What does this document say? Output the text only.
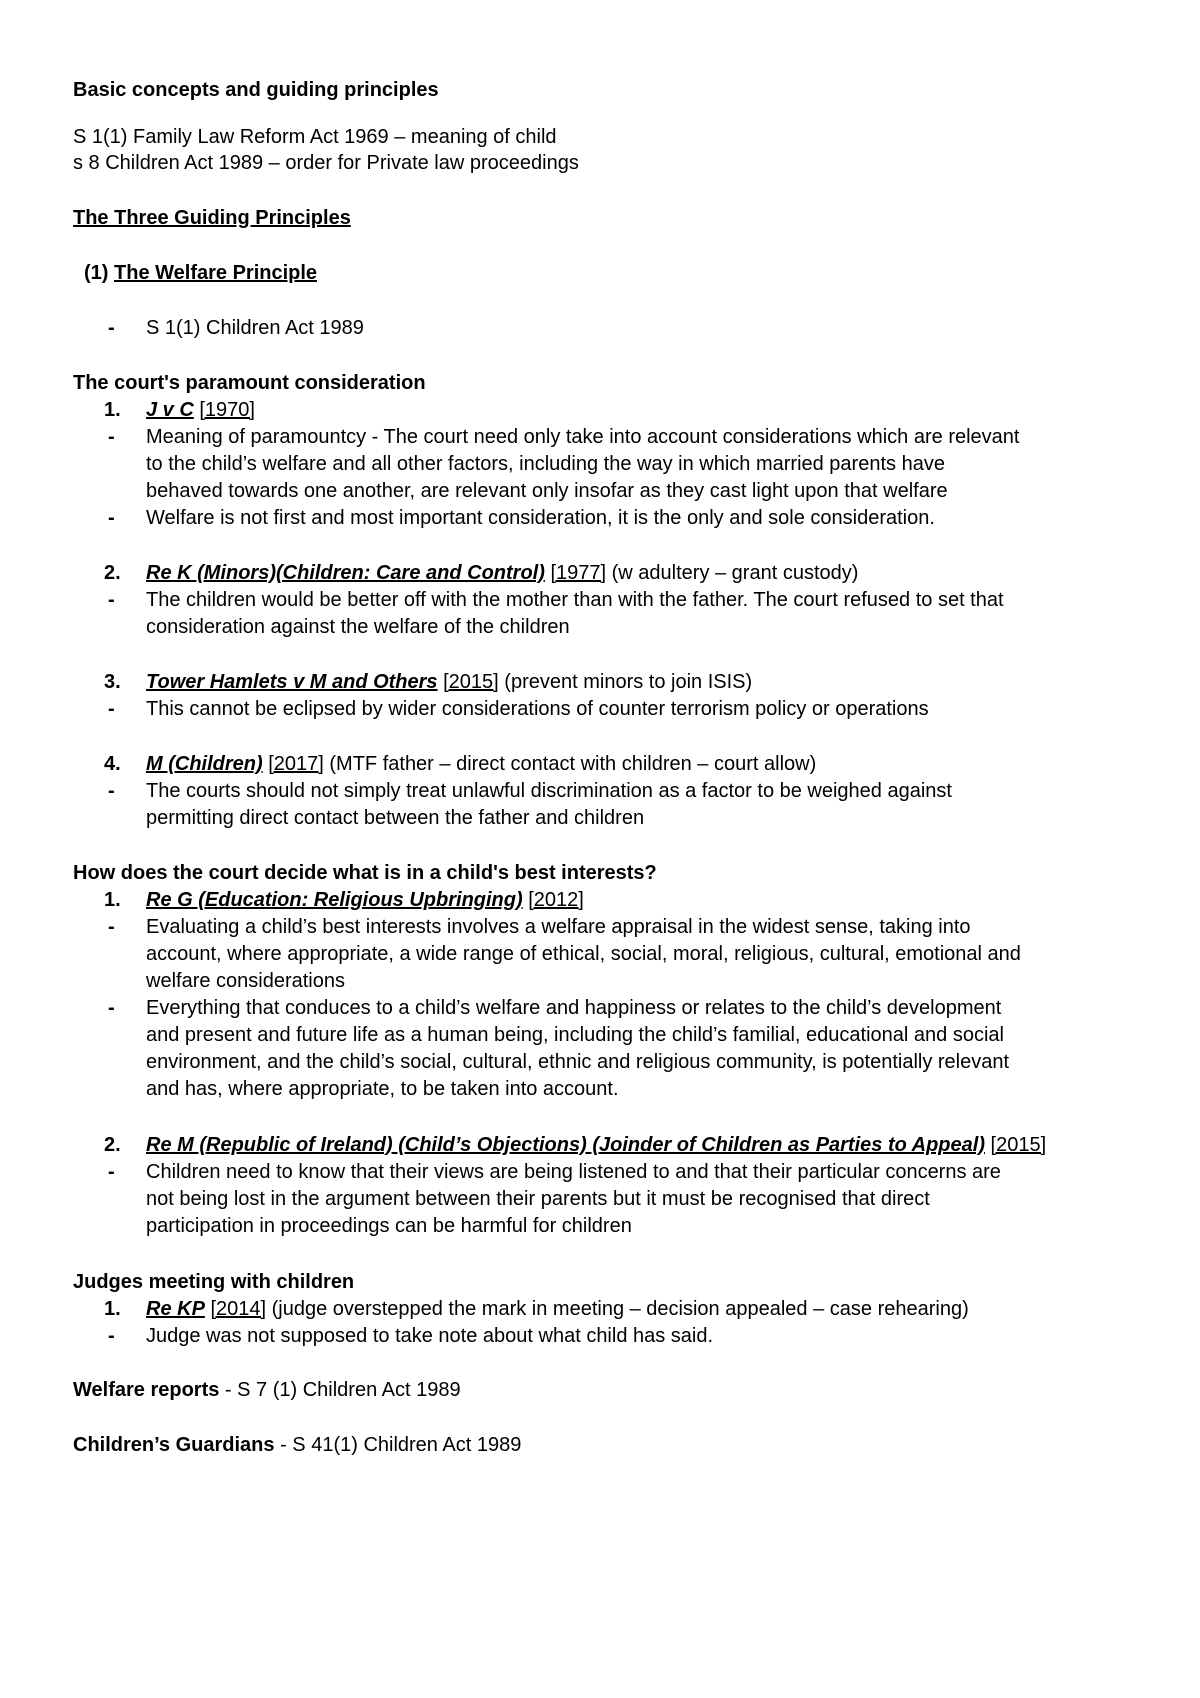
Basic concepts and guiding principles
S 1(1) Family Law Reform Act 1969 – meaning of child
s 8 Children Act 1989 – order for Private law proceedings
The Three Guiding Principles
(1) The Welfare Principle
- S 1(1) Children Act 1989
Welfare reports - S 7 (1) Children Act 1989
Children’s Guardians - S 41(1) Children Act 1989
The court's paramount consideration
1. J v C [1970]
- Meaning of paramountcy - The court need only take into account considerations which are relevant
to the child’s welfare and all other factors, including the way in which married parents have
behaved towards one another, are relevant only insofar as they cast light upon that welfare
- Welfare is not first and most important consideration, it is the only and sole consideration.
2. Re K (Minors)(Children: Care and Control) [1977] (w adultery – grant custody)
- The children would be better off with the mother than with the father. The court refused to set that
consideration against the welfare of the children
3. Tower Hamlets v M and Others [2015] (prevent minors to join ISIS)
- This cannot be eclipsed by wider considerations of counter terrorism policy or operations
4. M (Children) [2017] (MTF father – direct contact with children – court allow)
- The courts should not simply treat unlawful discrimination as a factor to be weighed against
permitting direct contact between the father and children
How does the court decide what is in a child's best interests?
1. Re G (Education: Religious Upbringing) [2012]
- Evaluating a child’s best interests involves a welfare appraisal in the widest sense, taking into
account, where appropriate, a wide range of ethical, social, moral, religious, cultural, emotional and
welfare considerations
- Everything that conduces to a child’s welfare and happiness or relates to the child’s development
and present and future life as a human being, including the child’s familial, educational and social
environment, and the child’s social, cultural, ethnic and religious community, is potentially relevant
and has, where appropriate, to be taken into account.
2. Re M (Republic of Ireland) (Child’s Objections) (Joinder of Children as Parties to Appeal) [2015]
- Children need to know that their views are being listened to and that their particular concerns are
not being lost in the argument between their parents but it must be recognised that direct
participation in proceedings can be harmful for children
Judges meeting with children
1. Re KP [2014] (judge overstepped the mark in meeting – decision appealed – case rehearing)
- Judge was not supposed to take note about what child has said.
